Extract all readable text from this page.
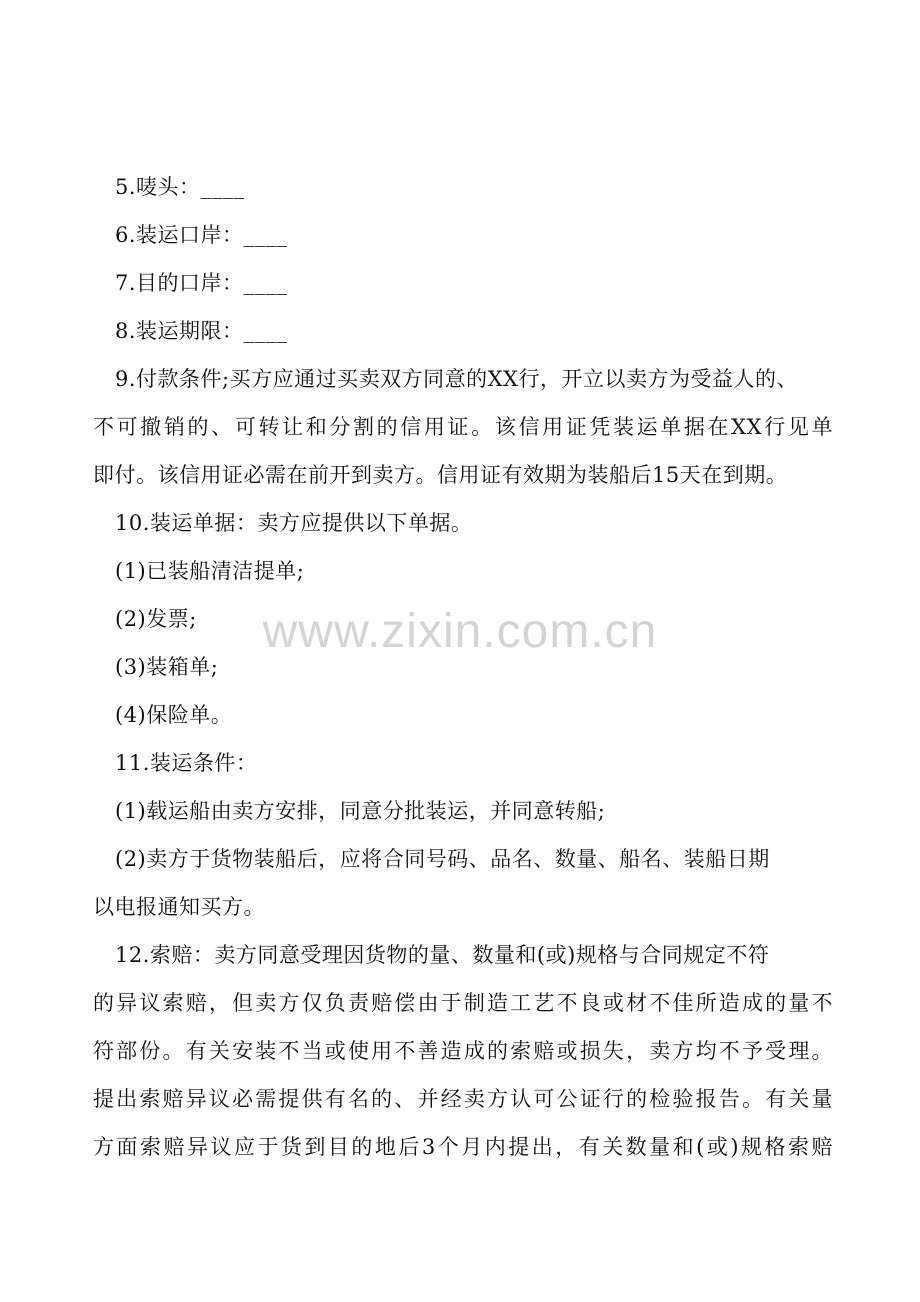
5.唛头：____
6.装运口岸：____
7.目的口岸：____
8.装运期限：____
9.付款条件;买方应通过买卖双方同意的XX行，开立以卖方为受益人的、
不可撤销的、可转让和分割的信用证。该信用证凭装运单据在XX行见单
即付。该信用证必需在前开到卖方。信用证有效期为装船后15天在到期。
10.装运单据：卖方应提供以下单据。
(1)已装船清洁提单;
(2)发票;
(3)装箱单;
(4)保险单。
11.装运条件：
(1)载运船由卖方安排，同意分批装运，并同意转船;
(2)卖方于货物装船后，应将合同号码、品名、数量、船名、装船日期
以电报通知买方。
12.索赔：卖方同意受理因货物的量、数量和(或)规格与合同规定不符
的异议索赔，但卖方仅负责赔偿由于制造工艺不良或材不佳所造成的量不
符部份。有关安装不当或使用不善造成的索赔或损失，卖方均不予受理。
提出索赔异议必需提供有名的、并经卖方认可公证行的检验报告。有关量
方面索赔异议应于货到目的地后3个月内提出，有关数量和(或)规格索赔
www.zixin.com.cn
